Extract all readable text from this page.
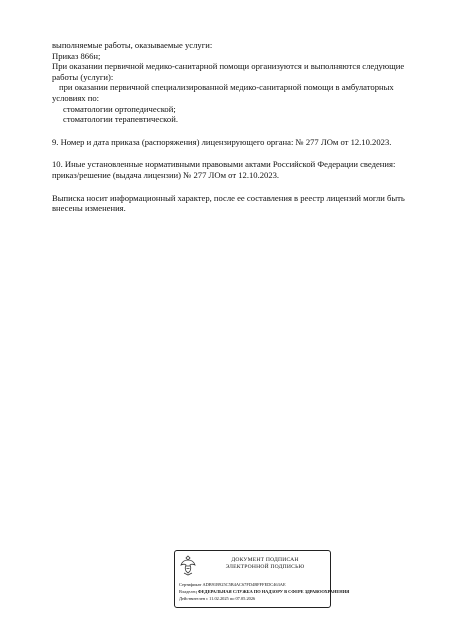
выполняемые работы, оказываемые услуги:
Приказ 866н;
При оказании первичной медико-санитарной помощи организуются и выполняются следующие
работы (услуги):
при оказании первичной специализированной медико-санитарной помощи в амбулаторных
условиях по:
стоматологии ортопедической;
стоматологии терапевтической.
9. Номер и дата приказа (распоряжения) лицензирующего органа: № 277 ЛОм от 12.10.2023.
10. Иные установленные нормативными правовыми актами Российской Федерации сведения:
приказ/решение (выдача лицензии) № 277 ЛОм от 12.10.2023.
Выписка носит информационный характер, после ее составления в реестр лицензий могли быть
внесены изменения.
ДОКУМЕНТ ПОДПИСАН
ЭЛЕКТРОННОЙ ПОДПИСЬЮ
Сертификат ADB91B925C5B4AC67FD4BFFFEDC463AE
Владелец ФЕДЕРАЛЬНАЯ СЛУЖБА ПО НАДЗОРУ В СФЕРЕ ЗДРАВООХРАНЕНИЯ
Действителен с 11.02.2025 по 07.05.2026
